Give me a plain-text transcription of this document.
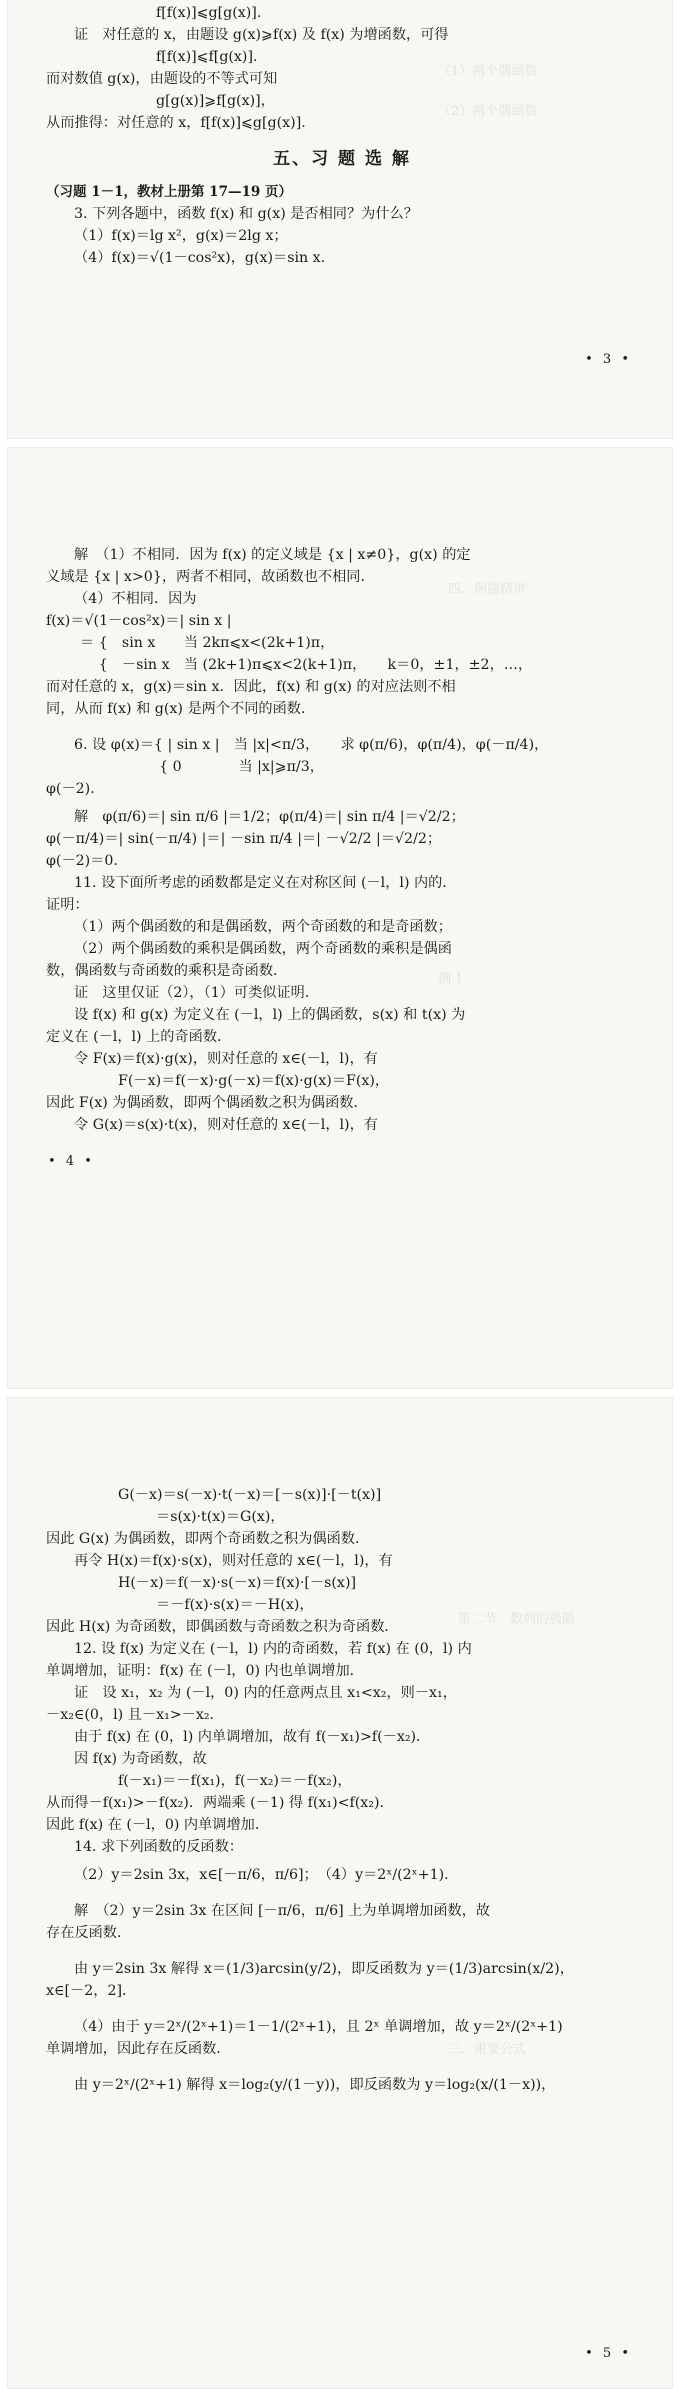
（1）两个偶函数
（2）两个偶函数

f[f(x)]⩽g[g(x)].

证　对任意的 x，由题设 g(x)⩾f(x) 及 f(x) 为增函数，可得

f[f(x)]⩽f[g(x)].

而对数值 g(x)，由题设的不等式可知

g[g(x)]⩾f[g(x)]，

从而推得：对任意的 x，f[f(x)]⩽g[g(x)].

五、习 题 选 解

（习题 1－1，教材上册第 17—19 页）

3. 下列各题中，函数 f(x) 和 g(x) 是否相同？为什么？

（1）f(x)＝lg x²，g(x)＝2lg x；

（4）f(x)＝√(1－cos²x)，g(x)＝sin x.

• 3 •
四、例题精讲
例 1

解　（1）不相同．因为 f(x) 的定义域是 {x | x≠0}，g(x) 的定

义域是 {x | x>0}，两者不相同，故函数也不相同．

（4）不相同．因为

f(x)＝√(1－cos²x)＝| sin x |

＝ {　sin x　　当 2kπ⩽x<(2k+1)π，

　 {　－sin x　当 (2k+1)π⩽x<2(k+1)π，　　k＝0，±1，±2，…，

而对任意的 x，g(x)＝sin x．因此，f(x) 和 g(x) 的对应法则不相

同，从而 f(x) 和 g(x) 是两个不同的函数．

6. 设 φ(x)＝{ | sin x |　当 |x|<π/3，　　求 φ(π/6)，φ(π/4)，φ(－π/4)，

　　　　　　{ 0　　　　当 |x|⩾π/3，

φ(－2)．

解　φ(π/6)＝| sin π/6 |＝1/2；φ(π/4)＝| sin π/4 |＝√2/2；

φ(－π/4)＝| sin(－π/4) |＝| －sin π/4 |＝| －√2/2 |＝√2/2；

φ(－2)＝0．

11. 设下面所考虑的函数都是定义在对称区间 (－l，l) 内的．

证明：

（1）两个偶函数的和是偶函数，两个奇函数的和是奇函数；

（2）两个偶函数的乘积是偶函数，两个奇函数的乘积是偶函

数，偶函数与奇函数的乘积是奇函数．

证　这里仅证（2），（1）可类似证明．

设 f(x) 和 g(x) 为定义在 (－l，l) 上的偶函数，s(x) 和 t(x) 为

定义在 (－l，l) 上的奇函数．

令 F(x)＝f(x)·g(x)，则对任意的 x∈(－l，l)，有

F(－x)＝f(－x)·g(－x)＝f(x)·g(x)＝F(x)，

因此 F(x) 为偶函数，即两个偶函数之积为偶函数．

令 G(x)＝s(x)·t(x)，则对任意的 x∈(－l，l)，有

• 4 •
第二节　数列的极限
三、重要公式

G(－x)＝s(－x)·t(－x)＝[－s(x)]·[－t(x)]

＝s(x)·t(x)＝G(x)，

因此 G(x) 为偶函数，即两个奇函数之积为偶函数．

再令 H(x)＝f(x)·s(x)，则对任意的 x∈(－l，l)，有

H(－x)＝f(－x)·s(－x)＝f(x)·[－s(x)]

＝－f(x)·s(x)＝－H(x)，

因此 H(x) 为奇函数，即偶函数与奇函数之积为奇函数．

12. 设 f(x) 为定义在 (－l，l) 内的奇函数，若 f(x) 在 (0，l) 内

单调增加，证明：f(x) 在 (－l，0) 内也单调增加．

证　设 x₁，x₂ 为 (－l，0) 内的任意两点且 x₁<x₂，则－x₁，

－x₂∈(0，l) 且－x₁>－x₂．

由于 f(x) 在 (0，l) 内单调增加，故有 f(－x₁)>f(－x₂)．

因 f(x) 为奇函数，故

f(－x₁)＝－f(x₁)，f(－x₂)＝－f(x₂)，

从而得－f(x₁)>－f(x₂)．两端乘 (－1) 得 f(x₁)<f(x₂)．

因此 f(x) 在 (－l，0) 内单调增加．

14. 求下列函数的反函数：

（2）y＝2sin 3x，x∈[－π/6，π/6]；　（4）y＝2ˣ/(2ˣ+1)．

解　（2）y＝2sin 3x 在区间 [－π/6，π/6] 上为单调增加函数，故

存在反函数．

由 y＝2sin 3x 解得 x＝(1/3)arcsin(y/2)，即反函数为 y＝(1/3)arcsin(x/2)，

x∈[－2，2]．

（4）由于 y＝2ˣ/(2ˣ+1)＝1－1/(2ˣ+1)，且 2ˣ 单调增加，故 y＝2ˣ/(2ˣ+1)

单调增加，因此存在反函数．

由 y＝2ˣ/(2ˣ+1) 解得 x＝log₂(y/(1－y))，即反函数为 y＝log₂(x/(1－x))，

• 5 •
